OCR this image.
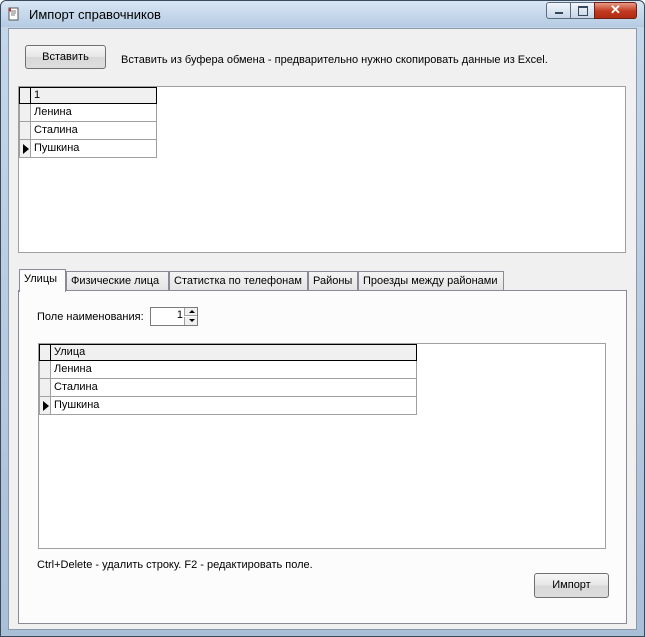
Импорт справочников	✕
Вставить	Вставить из буфера обмена - предварительно нужно скопировать данные из Excel.
1
Ленина
Сталина
Пушкина
Улицы	Физические лица	Статистка по телефонам	Районы Проезды между районами
Поле наименования:	1
Улица
Ленина
Сталина
Пушкина
Ctrl+Delete - удалить строку. F2 - редактировать поле.
Импорт
